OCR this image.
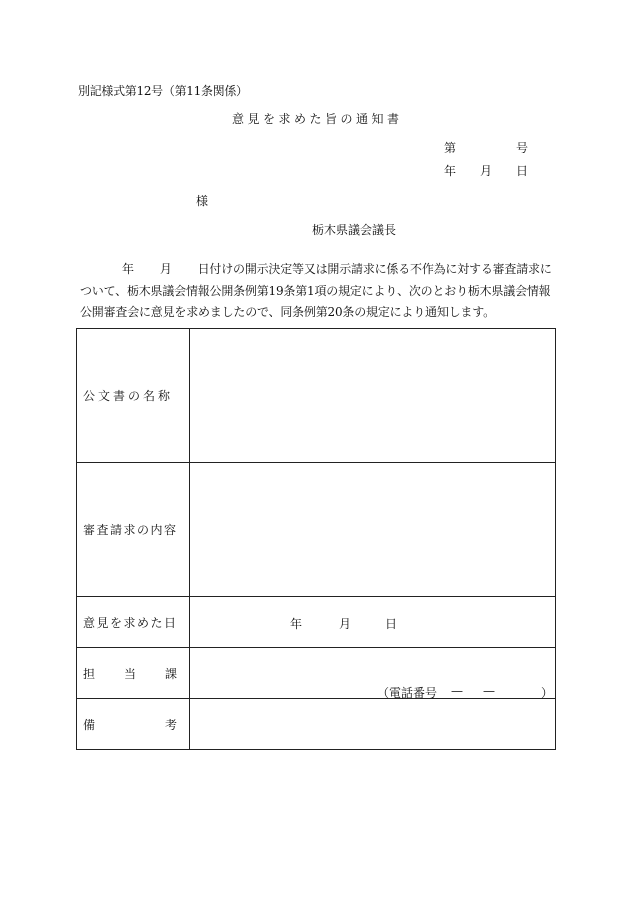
別記様式第12号（第11条関係）
意見を求めた旨の通知書
第	号
年 月 日
様
栃木県議会議長
年 月 日付けの開示決定等又は開示請求に係る不作為に対する審査請求に
ついて、栃木県議会情報公開条例第19条第1項の規定により、次のとおり栃木県議会情報
公開審査会に意見を求めましたので、同条例第20条の規定により通知します。
公文書の名称	
審査請求の内容	
意見を求めた日	年 月 日

担 当 課	（電話番号 — — ）

備 考	
